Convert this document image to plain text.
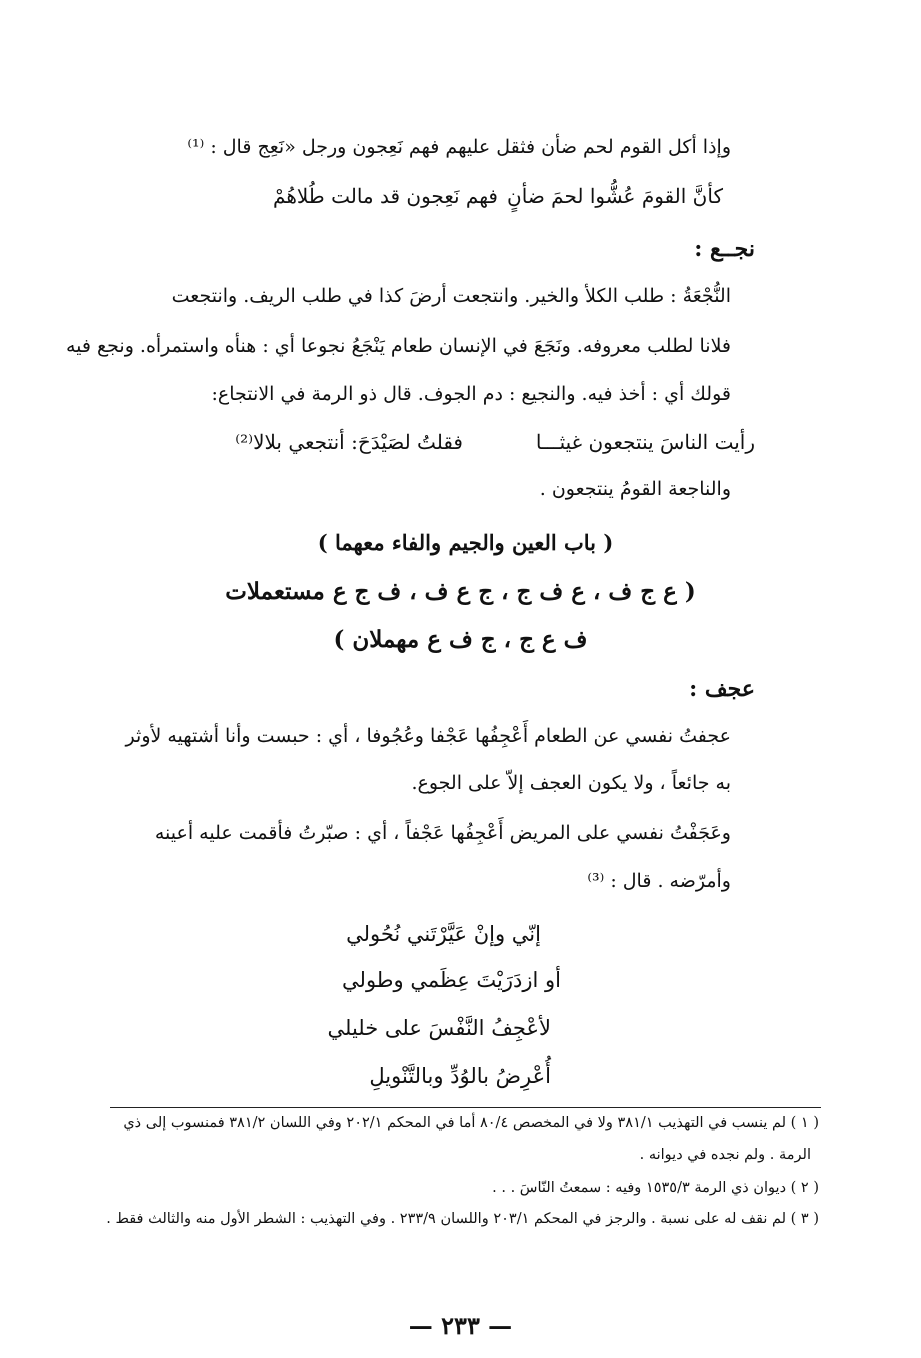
وإذا أكل القوم لحم ضأن فثقل عليهم فهم نَعِجون ورجل «نَعِج قال : ⁽¹⁾
كأنَّ القومَ عُشُّوا لحمَ ضأنٍ
فهم نَعِجون قد مالت طُلاهُمْ
نجــع :
النُّجْعَةُ : طلب الكلأ والخير. وانتجعت أرضَ كذا في طلب الريف. وانتجعت
فلانا لطلب معروفه. ونَجَعَ في الإنسان طعام يَنْجَعُ نجوعا أي : هنأه واستمرأه. ونجع فيه
قولك أي : أخذ فيه. والنجيع : دم الجوف. قال ذو الرمة في الانتجاع:
رأيت الناسَ ينتجعون غيثـــا
فقلتُ لصَيْدَحَ: أنتجعي بلالا⁽²⁾
والناجعة القومُ ينتجعون .
( باب العين والجيم والفاء معهما )
( ع ج ف ، ع ف ج ، ج ع ف ، ف ج ع مستعملات
ف ع ج ، ج ف ع مهملان )
عجف :
عجفتُ نفسي عن الطعام أَعْجِفُها عَجْفا وعُجُوفا ، أي : حبست وأنا أشتهيه لأوثر
به جائعاً ، ولا يكون العجف إلاّ على الجوع.
وعَجَفْتُ نفسي على المريض أَعْجِفُها عَجْفاً ، أي : صبّرتُ فأقمت عليه أعينه
وأمرّضه . قال : ⁽³⁾
إنّي وإنْ عَيَّرْتَني نُحُولي
أو ازدَرَيْتَ عِظَمي وطولي
لأعْجِفُ النَّفْسَ على خليلي
أُعْرِضُ بالوُدِّ وبالتَّنْويلِ
( ١ ) لم ينسب في التهذيب ٣٨١/١ ولا في المخصص ٨٠/٤ أما في المحكم ٢٠٢/١ وفي اللسان ٣٨١/٢ فمنسوب إلى ذي
الرمة . ولم نجده في ديوانه .
( ٢ ) ديوان ذي الرمة ١٥٣٥/٣ وفيه : سمعتُ النّاسَ . . .
( ٣ ) لم نقف له على نسبة . والرجز في المحكم ٢٠٣/١ واللسان ٢٣٣/٩ . وفي التهذيب : الشطر الأول منه والثالث فقط .
— ٢٣٣ —
